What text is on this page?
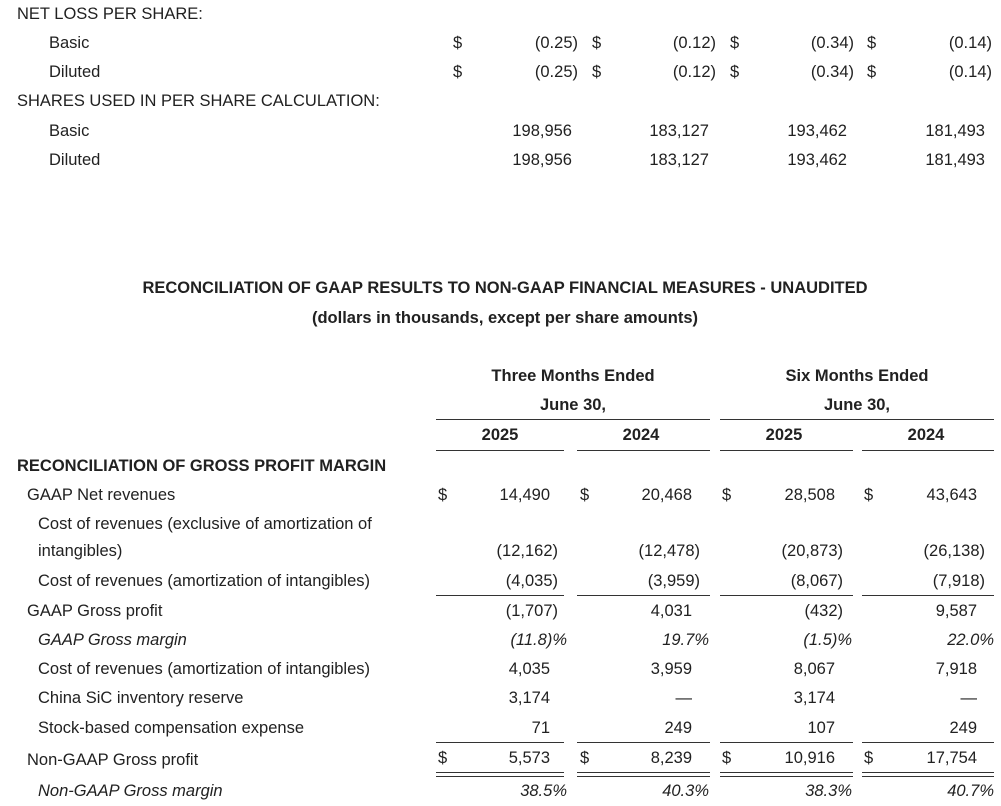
NET LOSS PER SHARE:
Basic	$	(0.25) $	(0.12) $	(0.34) $	(0.14)
Diluted	$	(0.25) $	(0.12) $	(0.34) $	(0.14)
SHARES USED IN PER SHARE CALCULATION:
Basic	198,956	183,127	193,462	181,493
Diluted	198,956	183,127	193,462	181,493
RECONCILIATION OF GAAP RESULTS TO NON-GAAP FINANCIAL MEASURES - UNAUDITED
(dollars in thousands, except per share amounts)
Three Months Ended
June 30,
Six Months Ended
June 30,
2025	2024	2025	2024
RECONCILIATION OF GROSS PROFIT MARGIN
GAAP Net revenues	$	14,490 $	20,468 $	28,508 $	43,643
Cost of revenues (exclusive of amortization of
intangibles)	(12,162)	(12,478)	(20,873)	(26,138)
Cost of revenues (amortization of intangibles)	(4,035)	(3,959)	(8,067)	(7,918)
GAAP Gross profit	(1,707)	4,031	(432)	9,587
GAAP Gross margin	(11.8)%	19.7%	(1.5)%	22.0%
Cost of revenues (amortization of intangibles)	4,035	3,959	8,067	7,918
China SiC inventory reserve	3,174	—	3,174	—
Stock-based compensation expense	71	249	107	249
Non-GAAP Gross profit	$	5,573 $	8,239 $	10,916 $	17,754
Non-GAAP Gross margin	38.5%	40.3%	38.3%	40.7%
